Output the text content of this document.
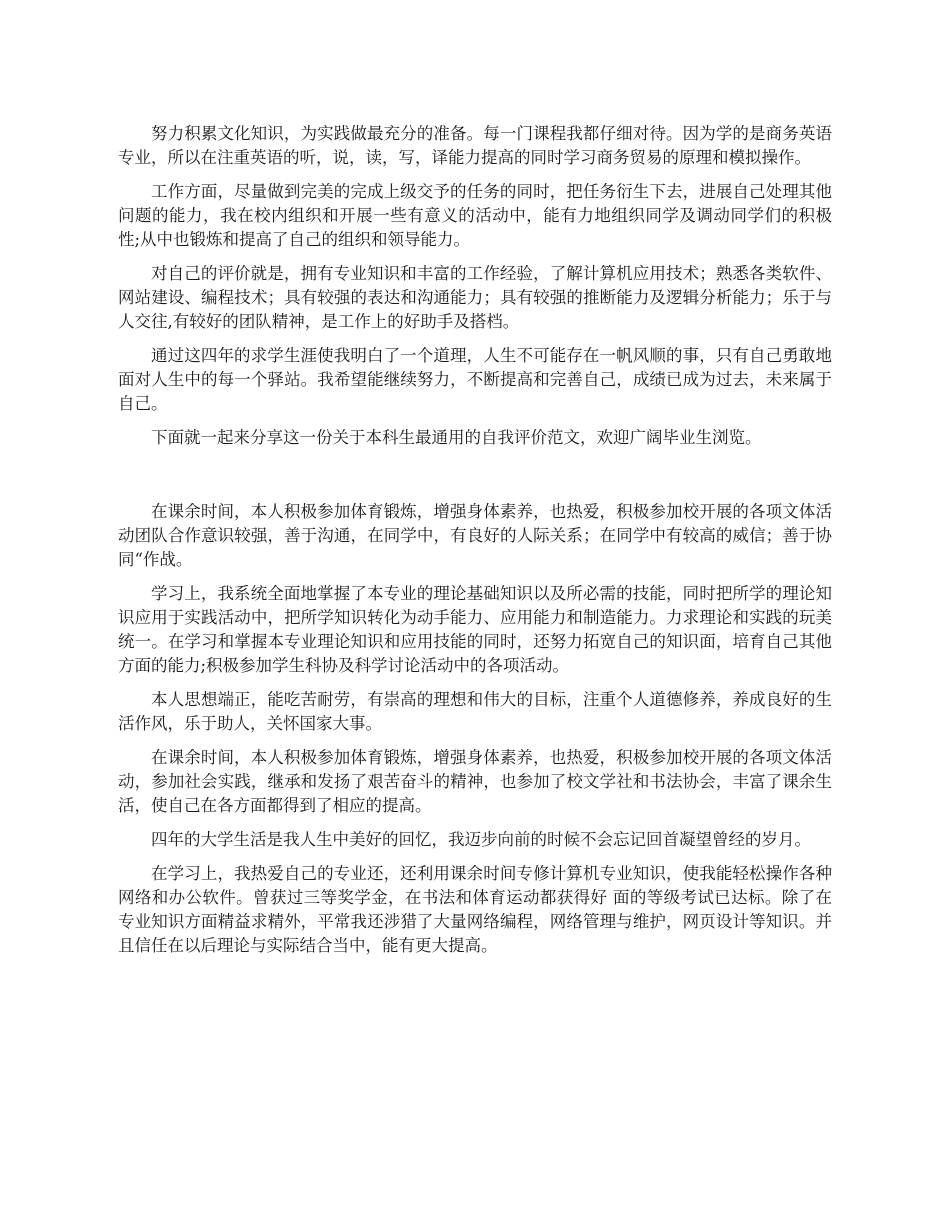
努力积累文化知识，为实践做最充分的准备。每一门课程我都仔细对待。因为学的是商务英语专业，所以在注重英语的听，说，读，写，译能力提高的同时学习商务贸易的原理和模拟操作。

工作方面，尽量做到完美的完成上级交予的任务的同时，把任务衍生下去，进展自己处理其他问题的能力，我在校内组织和开展一些有意义的活动中，能有力地组织同学及调动同学们的积极性;从中也锻炼和提高了自己的组织和领导能力。

对自己的评价就是，拥有专业知识和丰富的工作经验，了解计算机应用技术；熟悉各类软件、网站建设、编程技术；具有较强的表达和沟通能力；具有较强的推断能力及逻辑分析能力；乐于与人交往,有较好的团队精神，是工作上的好助手及搭档。

通过这四年的求学生涯使我明白了一个道理，人生不可能存在一帆风顺的事，只有自己勇敢地面对人生中的每一个驿站。我希望能继续努力，不断提高和完善自己，成绩已成为过去，未来属于自己。

下面就一起来分享这一份关于本科生最通用的自我评价范文，欢迎广阔毕业生浏览。

在课余时间，本人积极参加体育锻炼，增强身体素养，也热爱，积极参加校开展的各项文体活动团队合作意识较强，善于沟通，在同学中，有良好的人际关系；在同学中有较高的威信；善于协同“作战。

学习上，我系统全面地掌握了本专业的理论基础知识以及所必需的技能，同时把所学的理论知识应用于实践活动中，把所学知识转化为动手能力、应用能力和制造能力。力求理论和实践的玩美统一。在学习和掌握本专业理论知识和应用技能的同时，还努力拓宽自己的知识面，培育自己其他方面的能力;积极参加学生科协及科学讨论活动中的各项活动。

本人思想端正，能吃苦耐劳，有崇高的理想和伟大的目标，注重个人道德修养，养成良好的生活作风，乐于助人，关怀国家大事。

在课余时间，本人积极参加体育锻炼，增强身体素养，也热爱，积极参加校开展的各项文体活动，参加社会实践，继承和发扬了艰苦奋斗的精神，也参加了校文学社和书法协会，丰富了课余生活，使自己在各方面都得到了相应的提高。

四年的大学生活是我人生中美好的回忆，我迈步向前的时候不会忘记回首凝望曾经的岁月。

在学习上，我热爱自己的专业还，还利用课余时间专修计算机专业知识，使我能轻松操作各种网络和办公软件。曾获过三等奖学金，在书法和体育运动都获得好 面的等级考试已达标。除了在专业知识方面精益求精外，平常我还涉猎了大量网络编程，网络管理与维护，网页设计等知识。并且信任在以后理论与实际结合当中，能有更大提高。
